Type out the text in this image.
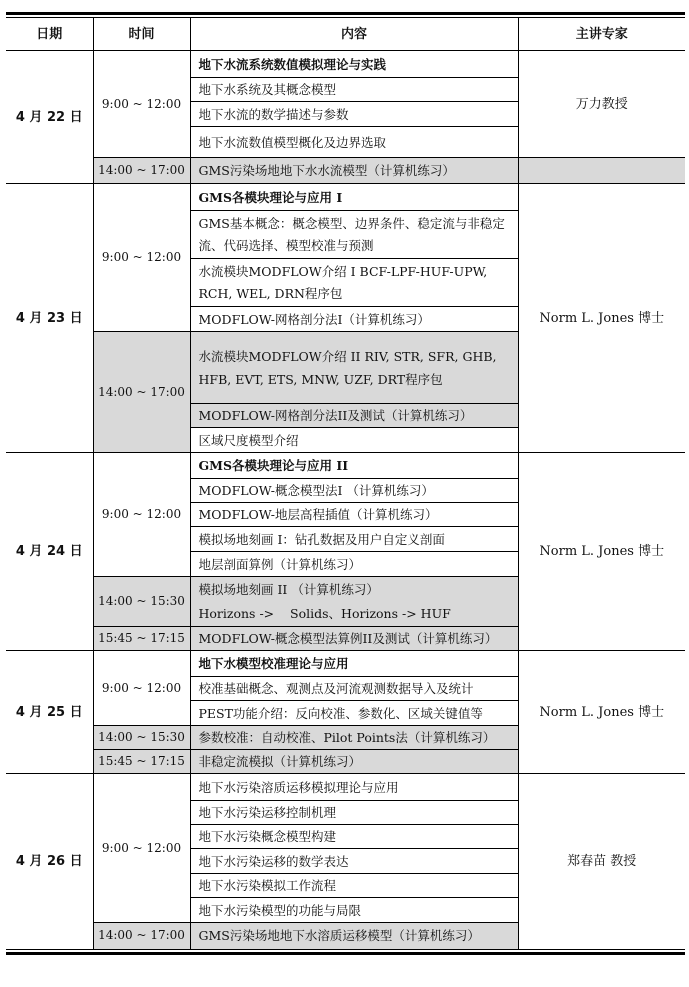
日期	时间	内容	主讲专家
4 月 22 日	9:00 ~ 12:00	地下水流系统数值模拟理论与实践	万力教授
		地下水系统及其概念模型	
		地下水流的数学描述与参数	
		地下水流数值模型概化及边界选取	
	14:00 ~ 17:00	GMS污染场地地下水水流模型（计算机练习）	
4 月 23 日	9:00 ~ 12:00	GMS各模块理论与应用 I	Norm L. Jones 博士
		GMS基本概念：概念模型、边界条件、稳定流与非稳定流、代码选择、模型校准与预测	
		水流模块MODFLOW介绍 I BCF-LPF-HUF-UPW, RCH, WEL, DRN程序包	
		MODFLOW-网格剖分法I（计算机练习）	
	14:00 ~ 17:00	水流模块MODFLOW介绍 II RIV, STR, SFR, GHB, HFB, EVT, ETS, MNW, UZF, DRT程序包	
		MODFLOW-网格剖分法II及测试（计算机练习）	
		区域尺度模型介绍	
4 月 24 日	9:00 ~ 12:00	GMS各模块理论与应用 II	Norm L. Jones 博士
		MODFLOW-概念模型法I （计算机练习）	
		MODFLOW-地层高程插值（计算机练习）	
		模拟场地刻画 I：钻孔数据及用户自定义剖面	
		地层剖面算例（计算机练习）	
	14:00 ~ 15:30	模拟场地刻画 II （计算机练习）	
		Horizons ->    Solids、Horizons -> HUF	
	15:45 ~ 17:15	MODFLOW-概念模型法算例II及测试（计算机练习）	
4 月 25 日	9:00 ~ 12:00	地下水模型校准理论与应用	Norm L. Jones 博士
		校准基础概念、观测点及河流观测数据导入及统计	
		PEST功能介绍：反向校准、参数化、区域关键值等	
	14:00 ~ 15:30	参数校准：自动校准、Pilot Points法（计算机练习）	
	15:45 ~ 17:15	非稳定流模拟（计算机练习）	
4 月 26 日	9:00 ~ 12:00	地下水污染溶质运移模拟理论与应用	郑春苗 教授
		地下水污染运移控制机理	
		地下水污染概念模型构建	
		地下水污染运移的数学表达	
		地下水污染模拟工作流程	
		地下水污染模型的功能与局限	
	14:00 ~ 17:00	GMS污染场地地下水溶质运移模型（计算机练习）	
